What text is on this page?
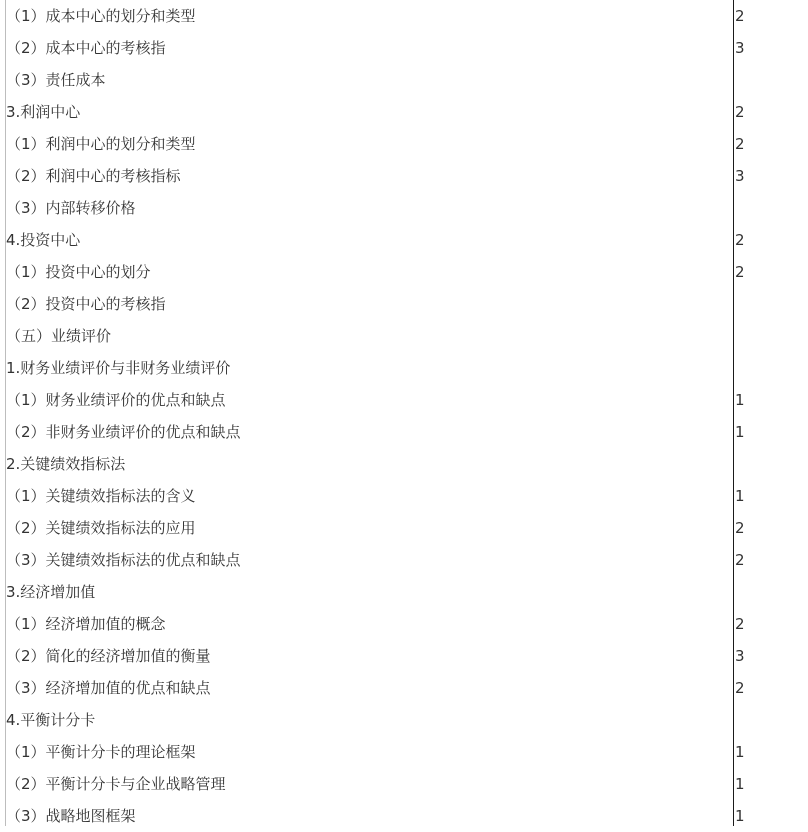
（1）成本中心的划分和类型	2
（2）成本中心的考核指	3
（3）责任成本
3.利润中心	2
（1）利润中心的划分和类型	2
（2）利润中心的考核指标	3
（3）内部转移价格
4.投资中心	2
（1）投资中心的划分	2
（2）投资中心的考核指
（五）业绩评价
1.财务业绩评价与非财务业绩评价
（1）财务业绩评价的优点和缺点	1
（2）非财务业绩评价的优点和缺点	1
2.关键绩效指标法
（1）关键绩效指标法的含义	1
（2）关键绩效指标法的应用	2
（3）关键绩效指标法的优点和缺点	2
3.经济增加值
（1）经济增加值的概念	2
（2）简化的经济增加值的衡量	3
（3）经济增加值的优点和缺点	2
4.平衡计分卡
（1）平衡计分卡的理论框架	1
（2）平衡计分卡与企业战略管理	1
（3）战略地图框架	1
